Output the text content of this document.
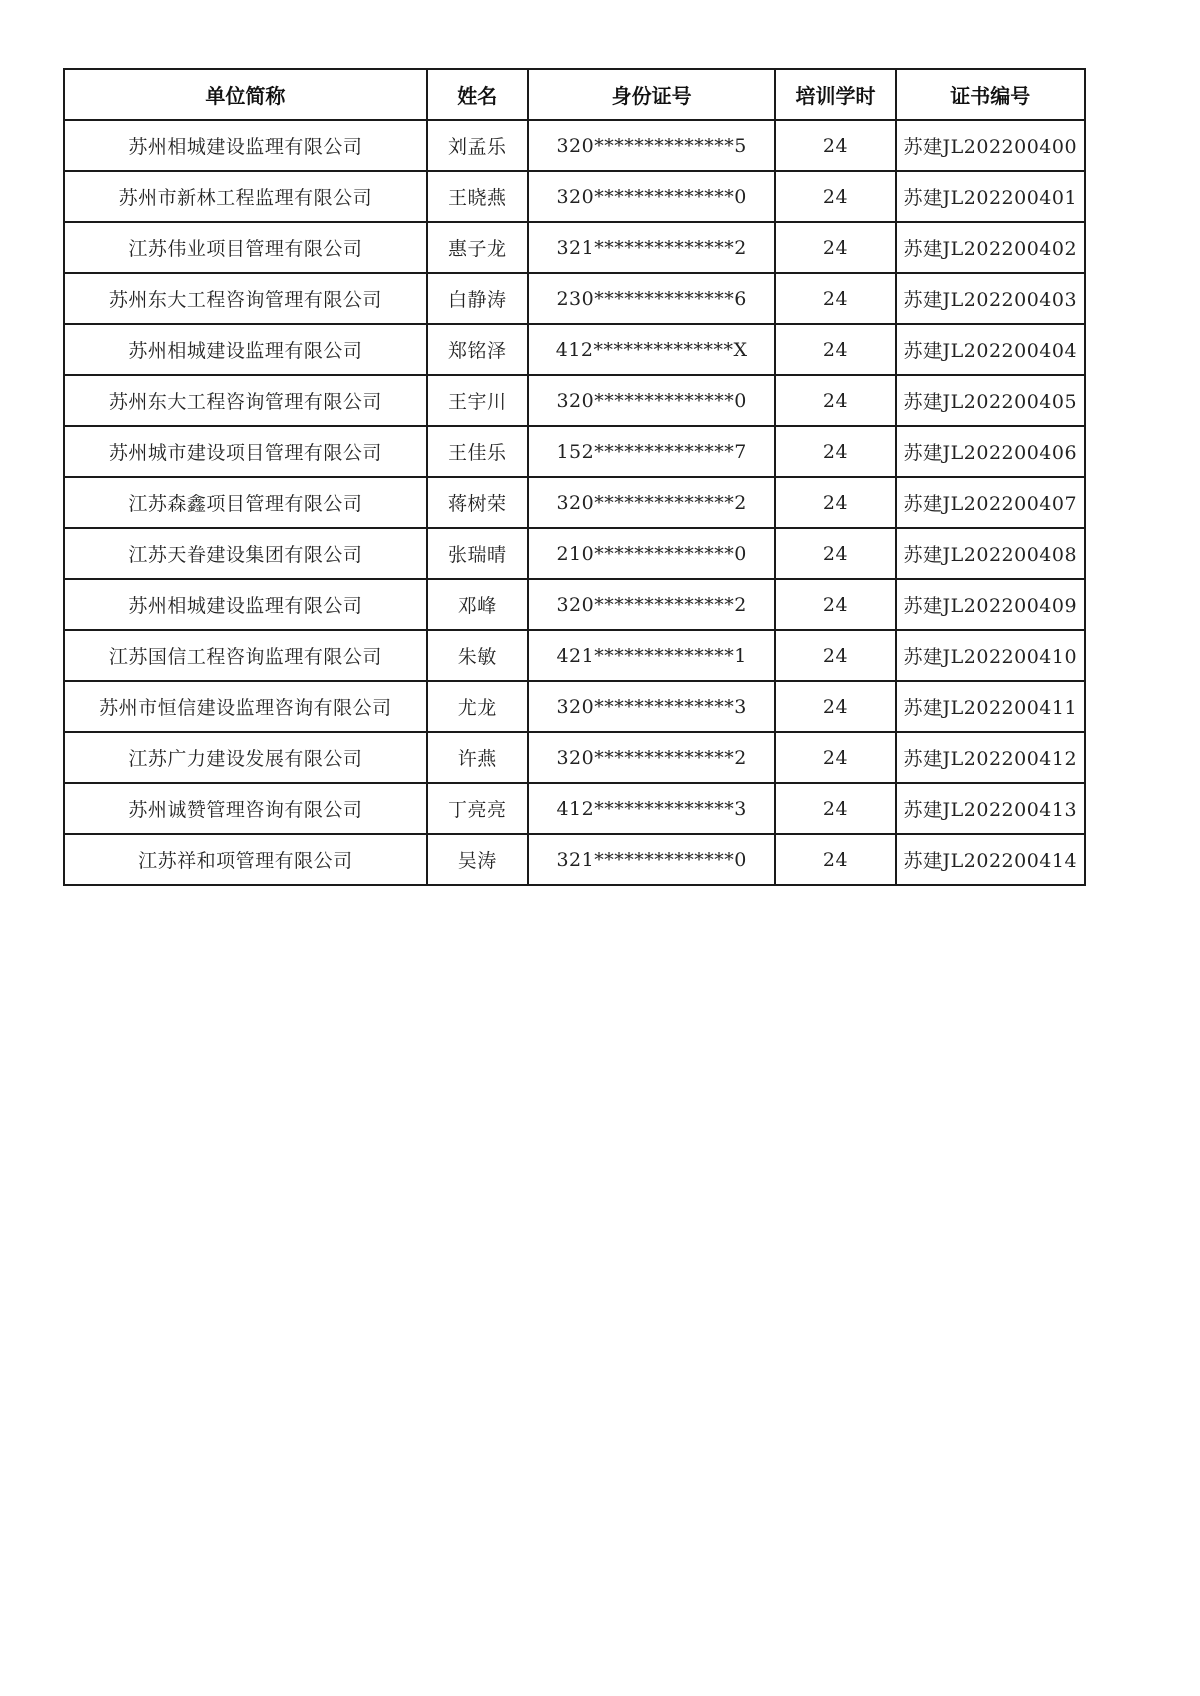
单位简称	姓名	身份证号	培训学时	证书编号
苏州相城建设监理有限公司	刘孟乐	320**************5	24	苏建JL202200400
苏州市新林工程监理有限公司	王晓燕	320**************0	24	苏建JL202200401
江苏伟业项目管理有限公司	惠子龙	321**************2	24	苏建JL202200402
苏州东大工程咨询管理有限公司	白静涛	230**************6	24	苏建JL202200403
苏州相城建设监理有限公司	郑铭泽	412**************X	24	苏建JL202200404
苏州东大工程咨询管理有限公司	王宇川	320**************0	24	苏建JL202200405
苏州城市建设项目管理有限公司	王佳乐	152**************7	24	苏建JL202200406
江苏森鑫项目管理有限公司	蒋树荣	320**************2	24	苏建JL202200407
江苏天眷建设集团有限公司	张瑞晴	210**************0	24	苏建JL202200408
苏州相城建设监理有限公司	邓峰	320**************2	24	苏建JL202200409
江苏国信工程咨询监理有限公司	朱敏	421**************1	24	苏建JL202200410
苏州市恒信建设监理咨询有限公司	尤龙	320**************3	24	苏建JL202200411
江苏广力建设发展有限公司	许燕	320**************2	24	苏建JL202200412
苏州诚赞管理咨询有限公司	丁亮亮	412**************3	24	苏建JL202200413
江苏祥和项管理有限公司	吴涛	321**************0	24	苏建JL202200414
